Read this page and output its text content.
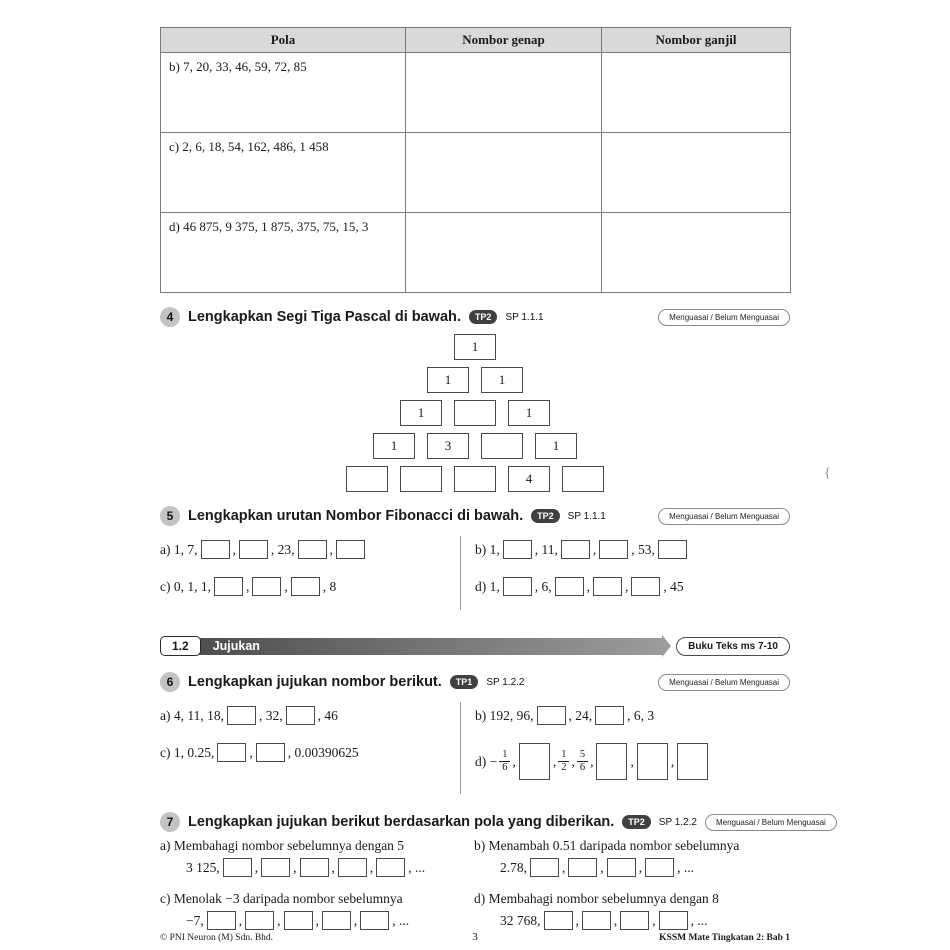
Pola	Nombor genap	Nombor ganjil
b) 7, 20, 33, 46, 59, 72, 85		
c) 2, 6, 18, 54, 162, 486, 1 458		
d) 46 875, 9 375, 1 875, 375, 75, 15, 3		
4	Lengkapkan Segi Tiga Pascal di bawah.	TP2	SP 1.1.1	Menguasai / Belum Menguasai
1
1	1
1	1
1	3	1
4
5	Lengkapkan urutan Nombor Fibonacci di bawah.	TP2	SP 1.1.1	Menguasai / Belum Menguasai
a) 1, 7,	,	, 23,	,
c) 0, 1, 1,	,	,	, 8
b) 1,	, 11,	,	, 53,
d) 1,	, 6,	,	,	, 45
1.2	Jujukan	Buku Teks ms 7-10
6	Lengkapkan jujukan nombor berikut.	TP1	SP 1.2.2	Menguasai / Belum Menguasai
a) 4, 11, 18,	, 32,	, 46
c) 1, 0.25,	,	, 0.00390625
b) 192, 96,	, 24,	, 6, 3
$d) - \frac{1}{6}$ ,	, $\frac{1}{2}$ , $\frac{5}{6}$ ,	,	,
7	Lengkapkan jujukan berikut berdasarkan pola yang diberikan.	TP2	SP 1.2.2	Menguasai / Belum Menguasai
a) Membahagi nombor sebelumnya dengan 5
3 125,	,	,	,	,	, ...
c) Menolak −3 daripada nombor sebelumnya
−7,	,	,	,	,	, ...
b) Menambah 0.51 daripada nombor sebelumnya
2.78,	,	,	,	, ...
d) Membahagi nombor sebelumnya dengan 8
32 768,	,	,	,	, ...
{
© PNI Neuron (M) Sdn. Bhd.	3	KSSM Mate Tingkatan 2: Bab 1
